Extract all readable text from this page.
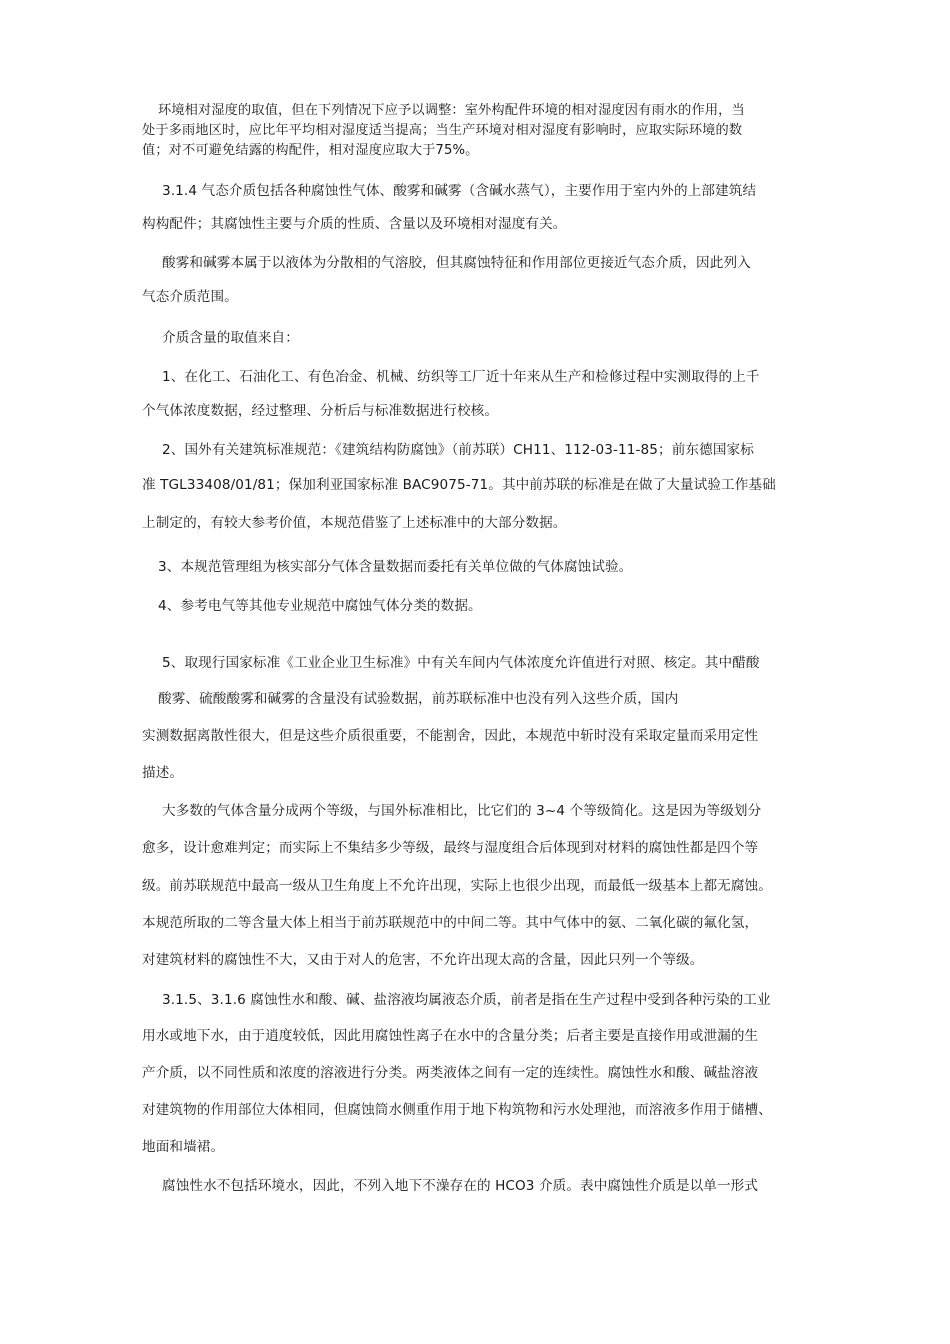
环境相对湿度的取值，但在下列情况下应予以调整：室外构配件环境的相对湿度因有雨水的作用，当
处于多雨地区时，应比年平均相对湿度适当提高；当生产环境对相对湿度有影响时，应取实际环境的数
值；对不可避免结露的构配件，相对湿度应取大于75%。
3.1.4 气态介质包括各种腐蚀性气体、酸雾和碱雾（含碱水蒸气），主要作用于室内外的上部建筑结
构构配件；其腐蚀性主要与介质的性质、含量以及环境相对湿度有关。
酸雾和碱雾本属于以液体为分散相的气溶胶，但其腐蚀特征和作用部位更接近气态介质，因此列入
气态介质范围。
介质含量的取值来自：
1、在化工、石油化工、有色冶金、机械、纺织等工厂近十年来从生产和检修过程中实测取得的上千
个气体浓度数据，经过整理、分析后与标准数据进行校核。
2、国外有关建筑标准规范：《建筑结构防腐蚀》（前苏联）CH11、112-03-11-85；前东德国家标
准 TGL33408/01/81；保加利亚国家标准 BAC9075-71。其中前苏联的标准是在做了大量试验工作基础
上制定的，有较大参考价值，本规范借鉴了上述标准中的大部分数据。
3、本规范管理组为核实部分气体含量数据而委托有关单位做的气体腐蚀试验。
4、参考电气等其他专业规范中腐蚀气体分类的数据。
5、取现行国家标准《工业企业卫生标准》中有关车间内气体浓度允许值进行对照、核定。其中醋酸
酸雾、硫酸酸雾和碱雾的含量没有试验数据，前苏联标准中也没有列入这些介质，国内
实测数据离散性很大，但是这些介质很重要，不能割舍，因此，本规范中斩时没有采取定量而采用定性
描述。
大多数的气体含量分成两个等级，与国外标准相比，比它们的 3~4 个等级简化。这是因为等级划分
愈多，设计愈难判定；而实际上不集结多少等级，最终与湿度组合后体现到对材料的腐蚀性都是四个等
级。前苏联规范中最高一级从卫生角度上不允许出现，实际上也很少出现，而最低一级基本上都无腐蚀。
本规范所取的二等含量大体上相当于前苏联规范中的中间二等。其中气体中的氨、二氧化碳的氟化氢，
对建筑材料的腐蚀性不大，又由于对人的危害，不允许出现太高的含量，因此只列一个等级。
3.1.5、3.1.6 腐蚀性水和酸、碱、盐溶液均属液态介质，前者是指在生产过程中受到各种污染的工业
用水或地下水，由于逍度较低，因此用腐蚀性离子在水中的含量分类；后者主要是直接作用或泄漏的生
产介质，以不同性质和浓度的溶液进行分类。两类液体之间有一定的连续性。腐蚀性水和酸、碱盐溶液
对建筑物的作用部位大体相同，但腐蚀筒水侧重作用于地下构筑物和污水处理池，而溶液多作用于储槽、
地面和墙裙。
腐蚀性水不包括环境水，因此，不列入地下不澡存在的 HCO3 介质。表中腐蚀性介质是以单一形式
